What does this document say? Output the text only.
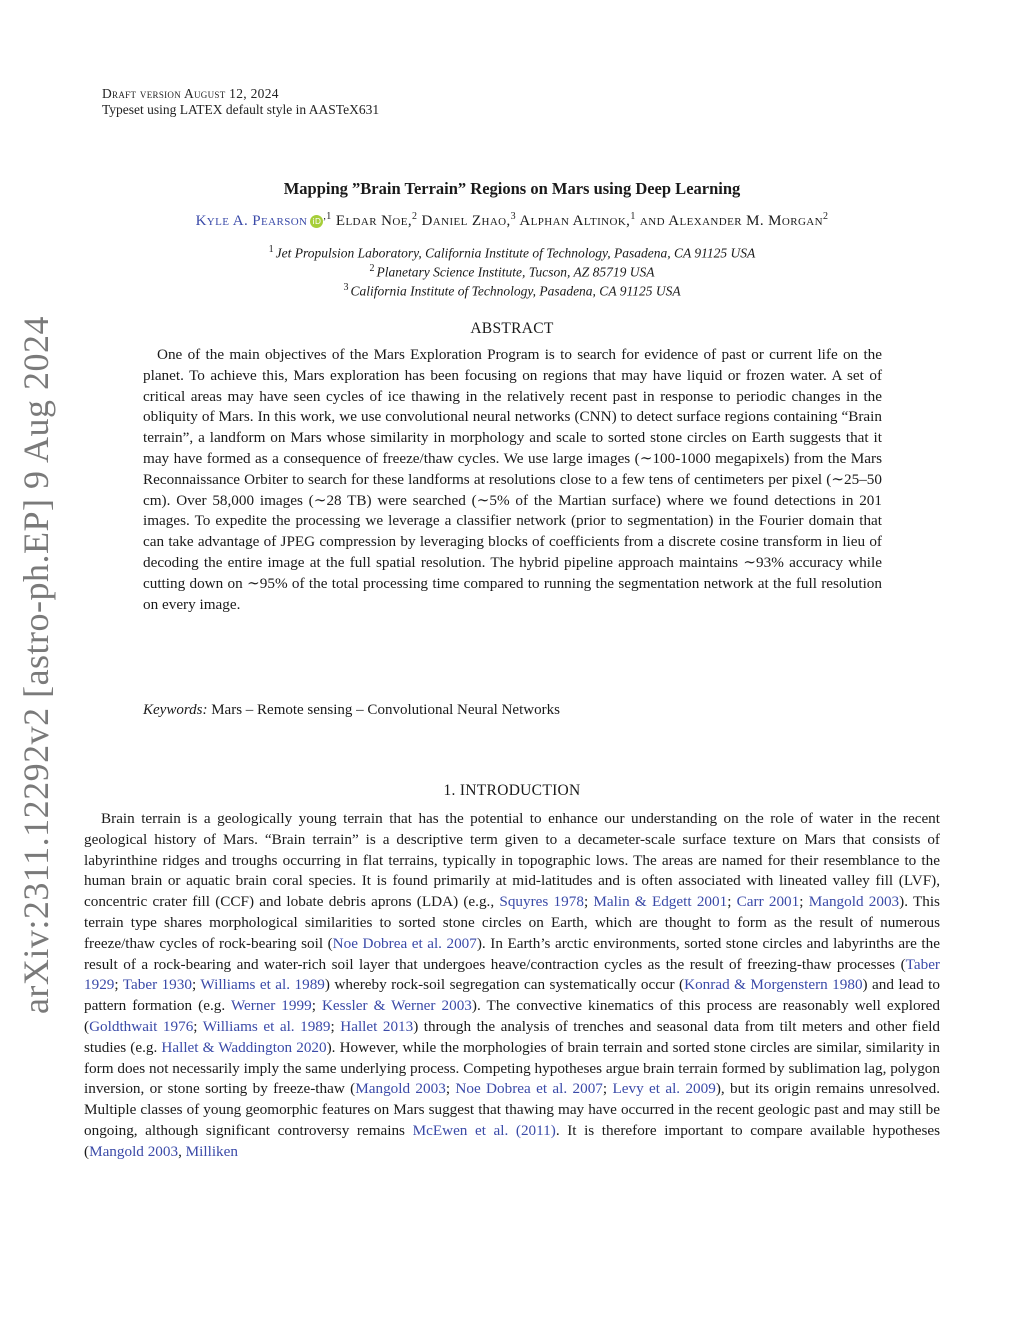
arXiv:2311.12292v2 [astro-ph.EP] 9 Aug 2024
Draft version August 12, 2024
Typeset using LATEX default style in AASTeX631
Mapping ”Brain Terrain” Regions on Mars using Deep Learning
Kyle A. Pearson iD $^{,1}$ Eldar Noe,$^2$ Daniel Zhao,$^3$ Alphan Altinok,$^1$ and Alexander M. Morgan$^2$
$^1$ Jet Propulsion Laboratory, California Institute of Technology, Pasadena, CA 91125 USA
$^2$ Planetary Science Institute, Tucson, AZ 85719 USA
$^3$ California Institute of Technology, Pasadena, CA 91125 USA
ABSTRACT

One of the main objectives of the Mars Exploration Program is to search for evidence of past or current life on the planet. To achieve this, Mars exploration has been focusing on regions that may have liquid or frozen water. A set of critical areas may have seen cycles of ice thawing in the relatively recent past in response to periodic changes in the obliquity of Mars. In this work, we use convolutional neural networks (CNN) to detect surface regions containing “Brain terrain”, a landform on Mars whose similarity in morphology and scale to sorted stone circles on Earth suggests that it may have formed as a consequence of freeze/thaw cycles. We use large images (∼100-1000 megapixels) from the Mars Reconnaissance Orbiter to search for these landforms at resolutions close to a few tens of centimeters per pixel (∼25–50 cm). Over 58,000 images (∼28 TB) were searched (∼5% of the Martian surface) where we found detections in 201 images. To expedite the processing we leverage a classifier network (prior to segmentation) in the Fourier domain that can take advantage of JPEG compression by leveraging blocks of coefficients from a discrete cosine transform in lieu of decoding the entire image at the full spatial resolution. The hybrid pipeline approach maintains ∼93% accuracy while cutting down on ∼95% of the total processing time compared to running the segmentation network at the full resolution on every image.

Keywords: Mars – Remote sensing – Convolutional Neural Networks
1. INTRODUCTION

Brain terrain is a geologically young terrain that has the potential to enhance our understanding on the role of water in the recent geological history of Mars. “Brain terrain” is a descriptive term given to a decameter-scale surface texture on Mars that consists of labyrinthine ridges and troughs occurring in flat terrains, typically in topographic lows. The areas are named for their resemblance to the human brain or aquatic brain coral species. It is found primarily at mid-latitudes and is often associated with lineated valley fill (LVF), concentric crater fill (CCF) and lobate debris aprons (LDA) (e.g., Squyres 1978; Malin & Edgett 2001; Carr 2001; Mangold 2003). This terrain type shares morphological similarities to sorted stone circles on Earth, which are thought to form as the result of numerous freeze/thaw cycles of rock-bearing soil (Noe Dobrea et al. 2007). In Earth’s arctic environments, sorted stone circles and labyrinths are the result of a rock-bearing and water-rich soil layer that undergoes heave/contraction cycles as the result of freezing-thaw processes (Taber 1929; Taber 1930; Williams et al. 1989) whereby rock-soil segregation can systematically occur (Konrad & Morgenstern 1980) and lead to pattern formation (e.g. Werner 1999; Kessler & Werner 2003). The convective kinematics of this process are reasonably well explored (Goldthwait 1976; Williams et al. 1989; Hallet 2013) through the analysis of trenches and seasonal data from tilt meters and other field studies (e.g. Hallet & Waddington 2020). However, while the morphologies of brain terrain and sorted stone circles are similar, similarity in form does not necessarily imply the same underlying process. Competing hypotheses argue brain terrain formed by sublimation lag, polygon inversion, or stone sorting by freeze-thaw (Mangold 2003; Noe Dobrea et al. 2007; Levy et al. 2009), but its origin remains unresolved. Multiple classes of young geomorphic features on Mars suggest that thawing may have occurred in the recent geologic past and may still be ongoing, although significant controversy remains McEwen et al. (2011). It is therefore important to compare available hypotheses (Mangold 2003, Milliken
